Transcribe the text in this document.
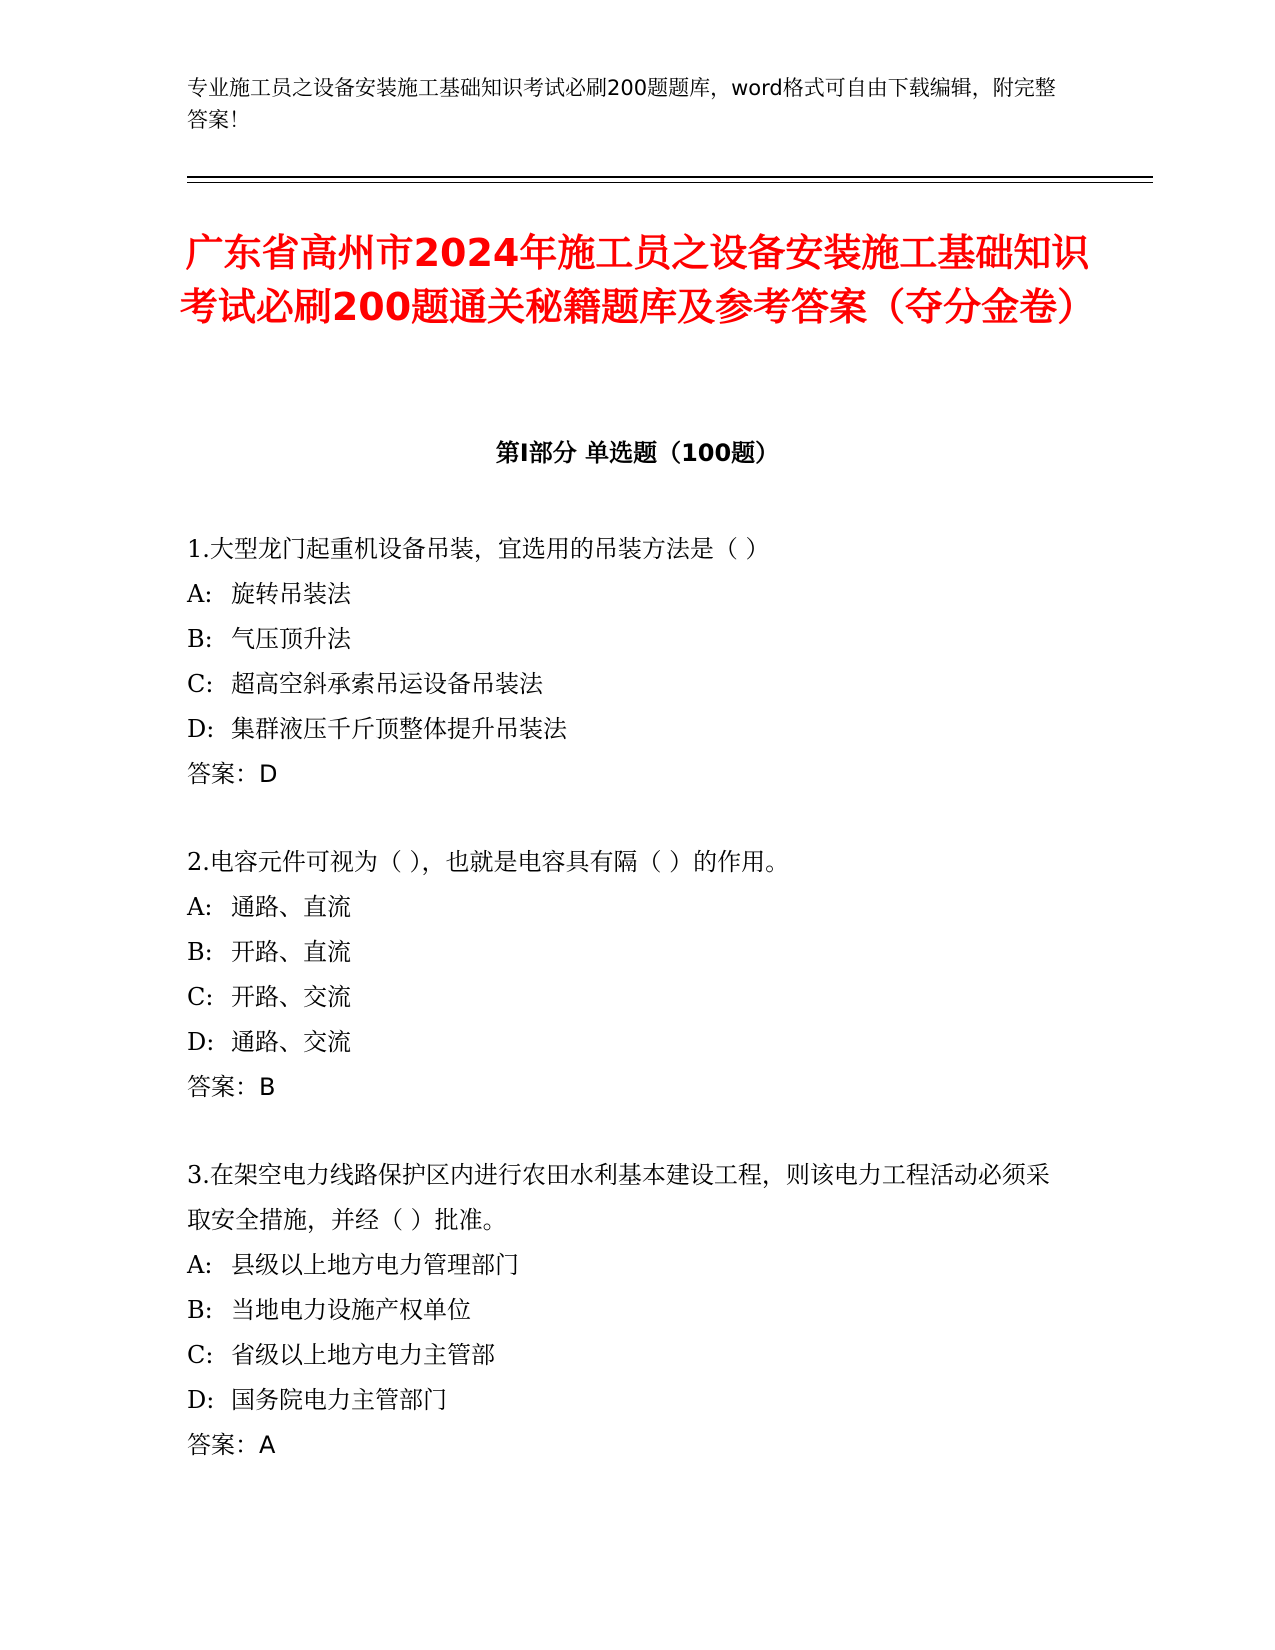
专业施工员之设备安装施工基础知识考试必刷200题题库，word格式可自由下载编辑，附完整答案！
广东省高州市2024年施工员之设备安装施工基础知识考试必刷200题通关秘籍题库及参考答案（夺分金卷）
第Ⅰ部分 单选题（100题）

1.大型龙门起重机设备吊装，宜选用的吊装方法是（ ）

A: 旋转吊装法

B: 气压顶升法

C: 超高空斜承索吊运设备吊装法

D: 集群液压千斤顶整体提升吊装法

答案：D

2.电容元件可视为（ ），也就是电容具有隔（ ）的作用。

A: 通路、直流

B: 开路、直流

C: 开路、交流

D: 通路、交流

答案：B

3.在架空电力线路保护区内进行农田水利基本建设工程，则该电力工程活动必须采取安全措施，并经（ ）批准。

A: 县级以上地方电力管理部门

B: 当地电力设施产权单位

C: 省级以上地方电力主管部

D: 国务院电力主管部门

答案：A
